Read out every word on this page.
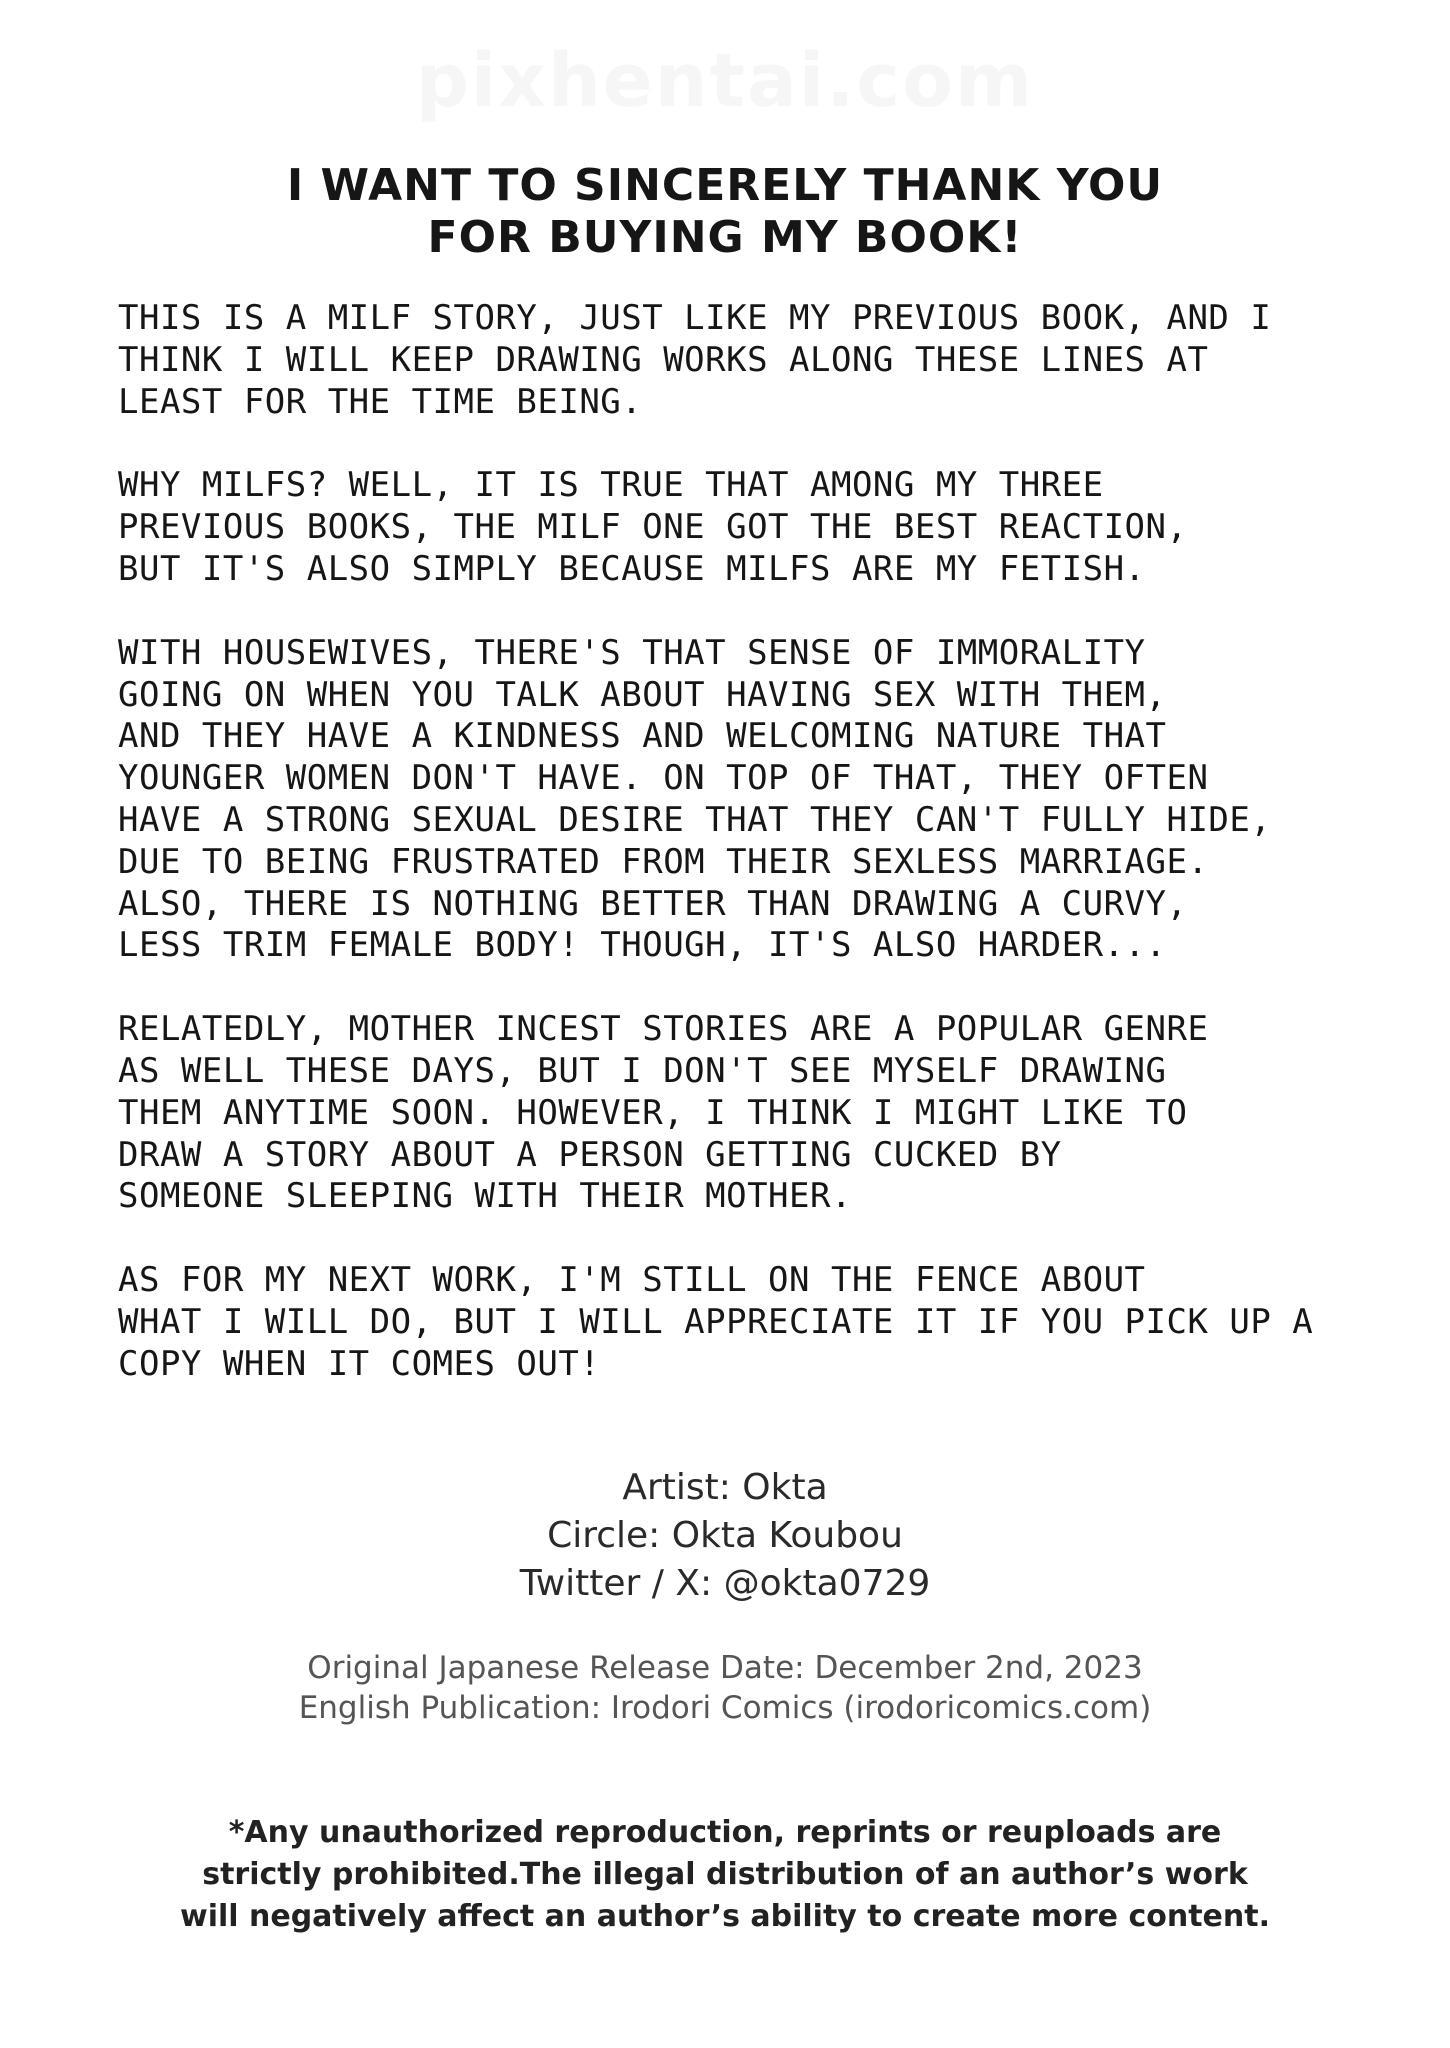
pixhentai.com
I WANT TO SINCERELY THANK YOU
FOR BUYING MY BOOK!
THIS IS A MILF STORY, JUST LIKE MY PREVIOUS BOOK, AND I
THINK I WILL KEEP DRAWING WORKS ALONG THESE LINES AT
LEAST FOR THE TIME BEING.
WHY MILFS? WELL, IT IS TRUE THAT AMONG MY THREE
PREVIOUS BOOKS, THE MILF ONE GOT THE BEST REACTION,
BUT IT'S ALSO SIMPLY BECAUSE MILFS ARE MY FETISH.
WITH HOUSEWIVES, THERE'S THAT SENSE OF IMMORALITY
GOING ON WHEN YOU TALK ABOUT HAVING SEX WITH THEM,
AND THEY HAVE A KINDNESS AND WELCOMING NATURE THAT
YOUNGER WOMEN DON'T HAVE. ON TOP OF THAT, THEY OFTEN
HAVE A STRONG SEXUAL DESIRE THAT THEY CAN'T FULLY HIDE,
DUE TO BEING FRUSTRATED FROM THEIR SEXLESS MARRIAGE.
ALSO, THERE IS NOTHING BETTER THAN DRAWING A CURVY,
LESS TRIM FEMALE BODY! THOUGH, IT'S ALSO HARDER...
RELATEDLY, MOTHER INCEST STORIES ARE A POPULAR GENRE
AS WELL THESE DAYS, BUT I DON'T SEE MYSELF DRAWING
THEM ANYTIME SOON. HOWEVER, I THINK I MIGHT LIKE TO
DRAW A STORY ABOUT A PERSON GETTING CUCKED BY
SOMEONE SLEEPING WITH THEIR MOTHER.
AS FOR MY NEXT WORK, I'M STILL ON THE FENCE ABOUT
WHAT I WILL DO, BUT I WILL APPRECIATE IT IF YOU PICK UP A
COPY WHEN IT COMES OUT!
Artist: Okta
Circle: Okta Koubou
Twitter / X: @okta0729
Original Japanese Release Date: December 2nd, 2023
English Publication: Irodori Comics (irodoricomics.com)
*Any unauthorized reproduction, reprints or reuploads are
strictly prohibited.The illegal distribution of an author’s work
will negatively affect an author’s ability to create more content.
